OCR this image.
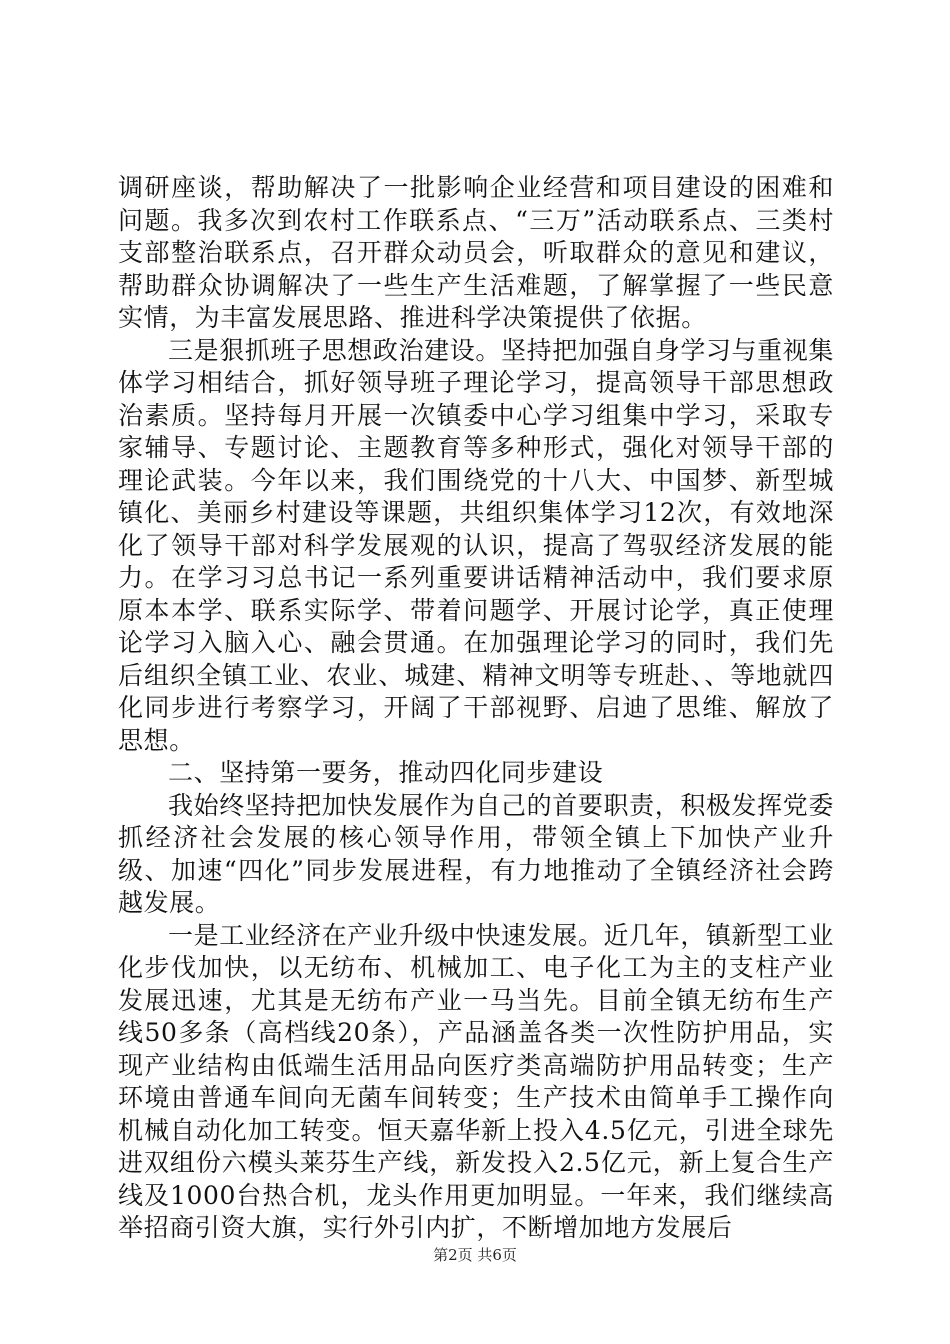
调研座谈，帮助解决了一批影响企业经营和项目建设的困难和问题。我多次到农村工作联系点、“三万”活动联系点、三类村支部整治联系点，召开群众动员会，听取群众的意见和建议，帮助群众协调解决了一些生产生活难题，了解掌握了一些民意实情，为丰富发展思路、推进科学决策提供了依据。

三是狠抓班子思想政治建设。坚持把加强自身学习与重视集体学习相结合，抓好领导班子理论学习，提高领导干部思想政治素质。坚持每月开展一次镇委中心学习组集中学习，采取专家辅导、专题讨论、主题教育等多种形式，强化对领导干部的理论武装。今年以来，我们围绕党的十八大、中国梦、新型城镇化、美丽乡村建设等课题，共组织集体学习12次，有效地深化了领导干部对科学发展观的认识，提高了驾驭经济发展的能力。在学习习总书记一系列重要讲话精神活动中，我们要求原原本本学、联系实际学、带着问题学、开展讨论学，真正使理论学习入脑入心、融会贯通。在加强理论学习的同时，我们先后组织全镇工业、农业、城建、精神文明等专班赴、、等地就四化同步进行考察学习，开阔了干部视野、启迪了思维、解放了思想。

二、坚持第一要务，推动四化同步建设

我始终坚持把加快发展作为自己的首要职责，积极发挥党委抓经济社会发展的核心领导作用，带领全镇上下加快产业升级、加速“四化”同步发展进程，有力地推动了全镇经济社会跨越发展。

一是工业经济在产业升级中快速发展。近几年，镇新型工业化步伐加快，以无纺布、机械加工、电子化工为主的支柱产业发展迅速，尤其是无纺布产业一马当先。目前全镇无纺布生产线50多条（高档线20条），产品涵盖各类一次性防护用品，实现产业结构由低端生活用品向医疗类高端防护用品转变；生产环境由普通车间向无菌车间转变；生产技术由简单手工操作向机械自动化加工转变。恒天嘉华新上投入4.5亿元，引进全球先进双组份六模头莱芬生产线，新发投入2.5亿元，新上复合生产线及1000台热合机，龙头作用更加明显。一年来，我们继续高举招商引资大旗，实行外引内扩，不断增加地方发展后

第2页 共6页
